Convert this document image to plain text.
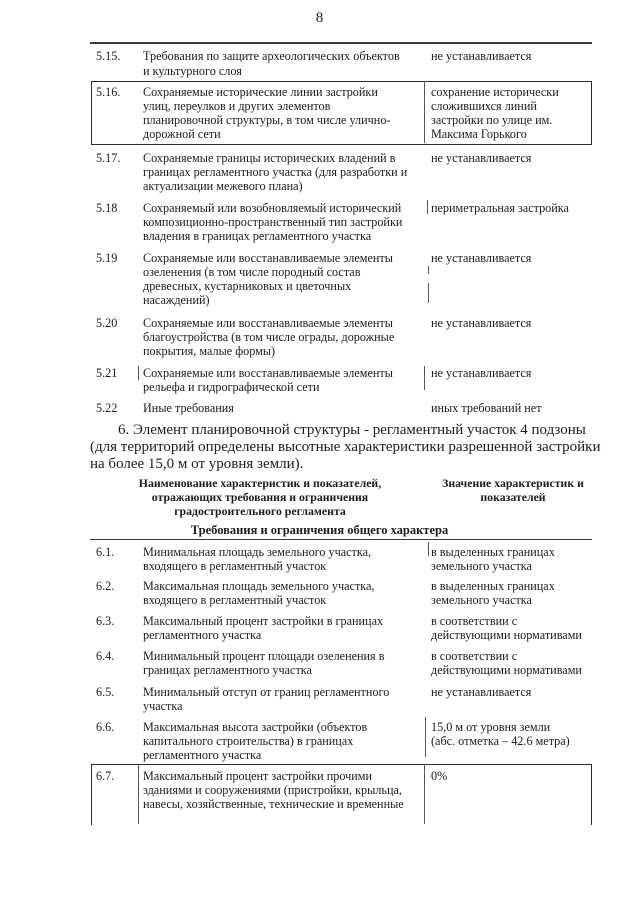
8
5.15. Требования по защите археологических объектов
и культурного слоя
не устанавливается
5.16. Сохраняемые исторические линии застройки
улиц, переулков и других элементов
планировочной структуры, в том числе улично-
дорожной сети
сохранение исторически
сложившихся линий
застройки по улице им.
Максима Горького
5.17. Сохраняемые границы исторических владений в
границах регламентного участка (для разработки и
актуализации межевого плана)
не устанавливается
5.18 Сохраняемый или возобновляемый исторический
композиционно-пространственный тип застройки
владения в границах регламентного участка
периметральная застройка
5.19 Сохраняемые или восстанавливаемые элементы
озеленения (в том числе породный состав
древесных, кустарниковых и цветочных
насаждений)
не устанавливается
5.20 Сохраняемые или восстанавливаемые элементы
благоустройства (в том числе ограды, дорожные
покрытия, малые формы)
не устанавливается
5.21 Сохраняемые или восстанавливаемые элементы
рельефа и гидрографической сети
не устанавливается
5.22 Иные требования	иных требований нет
6. Элемент планировочной структуры - регламентный участок 4 подзоны
(для территорий определены высотные характеристики разрешенной застройки
на более 15,0 м от уровня земли).
Наименование характеристик и показателей,
отражающих требования и ограничения
градостроительного регламента
Значение характеристик и
показателей
Требования и ограничения общего характера
6.1. Минимальная площадь земельного участка,
входящего в регламентный участок
в выделенных границах
земельного участка
6.2. Максимальная площадь земельного участка,
входящего в регламентный участок
в выделенных границах
земельного участка
6.3. Максимальный процент застройки в границах
регламентного участка
в соответствии с
действующими нормативами
6.4. Минимальный процент площади озеленения в
границах регламентного участка
в соответствии с
действующими нормативами
6.5. Минимальный отступ от границ регламентного
участка
не устанавливается
6.6. Максимальная высота застройки (объектов
капитального строительства) в границах
регламентного участка
15,0 м от уровня земли
(абс. отметка – 42.6 метра)
6.7. Максимальный процент застройки прочими
зданиями и сооружениями (пристройки, крыльца,
навесы, хозяйственные, технические и временные
0%
